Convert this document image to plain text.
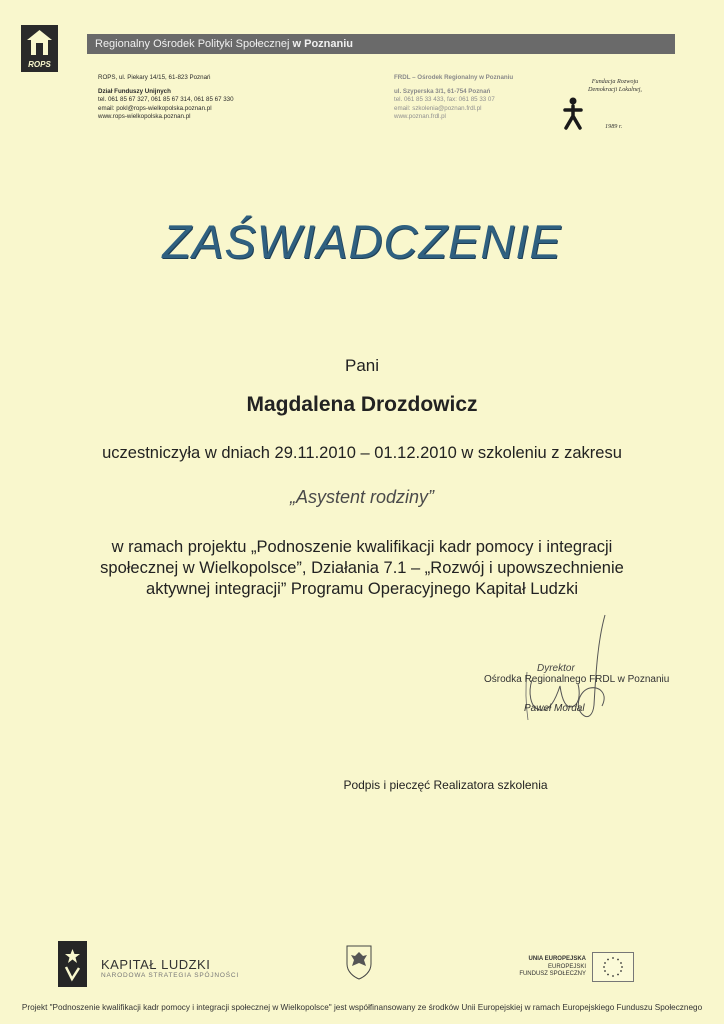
ROPS
Regionalny Ośrodek Polityki Społecznej w Poznaniu
ROPS, ul. Piekary 14/15, 61-823 Poznań
Dział Funduszy Unijnych
tel. 061 85 67 327, 061 85 67 314, 061 85 67 330
email: pokl@rops-wielkopolska.poznan.pl
www.rops-wielkopolska.poznan.pl
FRDL – Ośrodek Regionalny w Poznaniu
ul. Szyperska 3/1, 61-754 Poznań
tel. 061 85 33 433, fax: 061 85 33 07
email: szkolenia@poznan.frdl.pl
www.poznan.frdl.pl
Fundacja Rozwoju
Demokracji Lokalnej,
1989 r.
ZAŚWIADCZENIE
Pani
Magdalena Drozdowicz
uczestniczyła w dniach 29.11.2010 – 01.12.2010 w szkoleniu z zakresu
„Asystent rodziny”
w ramach projektu „Podnoszenie kwalifikacji kadr pomocy i integracji
społecznej w Wielkopolsce”, Działania 7.1 – „Rozwój i upowszechnienie
aktywnej integracji” Programu Operacyjnego Kapitał Ludzki
Dyrektor
Ośrodka Regionalnego FRDL w Poznaniu
Paweł Mordal
Podpis i pieczęć Realizatora szkolenia
KAPITAŁ LUDZKI
NARODOWA STRATEGIA SPÓJNOŚCI

UNIA EUROPEJSKA
EUROPEJSKI
FUNDUSZ SPOŁECZNY
Projekt "Podnoszenie kwalifikacji kadr pomocy i integracji społecznej w Wielkopolsce" jest współfinansowany ze środków Unii Europejskiej w ramach Europejskiego Funduszu Społecznego
